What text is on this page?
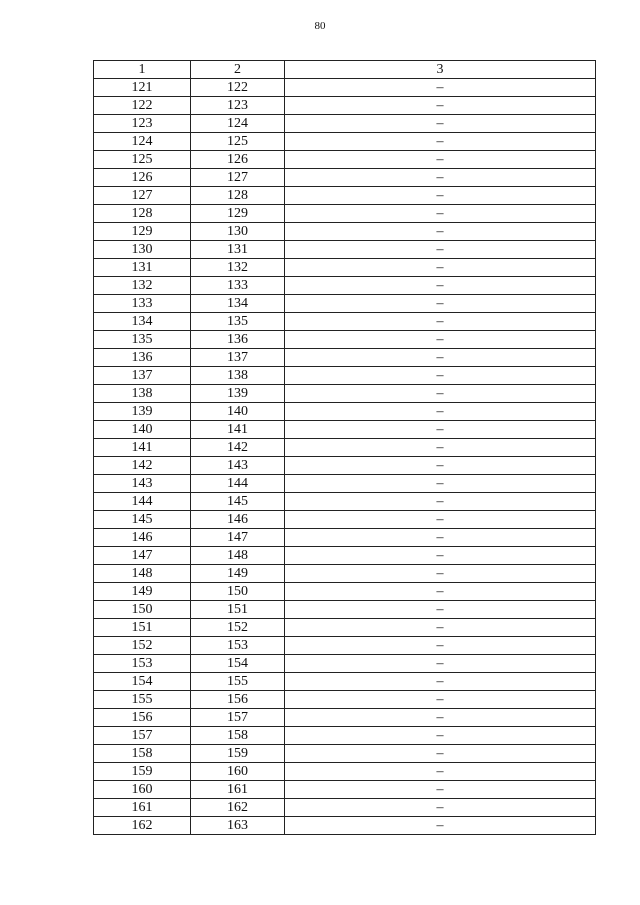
80
1	2	3
121	122	–
122	123	–
123	124	–
124	125	–
125	126	–
126	127	–
127	128	–
128	129	–
129	130	–
130	131	–
131	132	–
132	133	–
133	134	–
134	135	–
135	136	–
136	137	–
137	138	–
138	139	–
139	140	–
140	141	–
141	142	–
142	143	–
143	144	–
144	145	–
145	146	–
146	147	–
147	148	–
148	149	–
149	150	–
150	151	–
151	152	–
152	153	–
153	154	–
154	155	–
155	156	–
156	157	–
157	158	–
158	159	–
159	160	–
160	161	–
161	162	–
162	163	–
